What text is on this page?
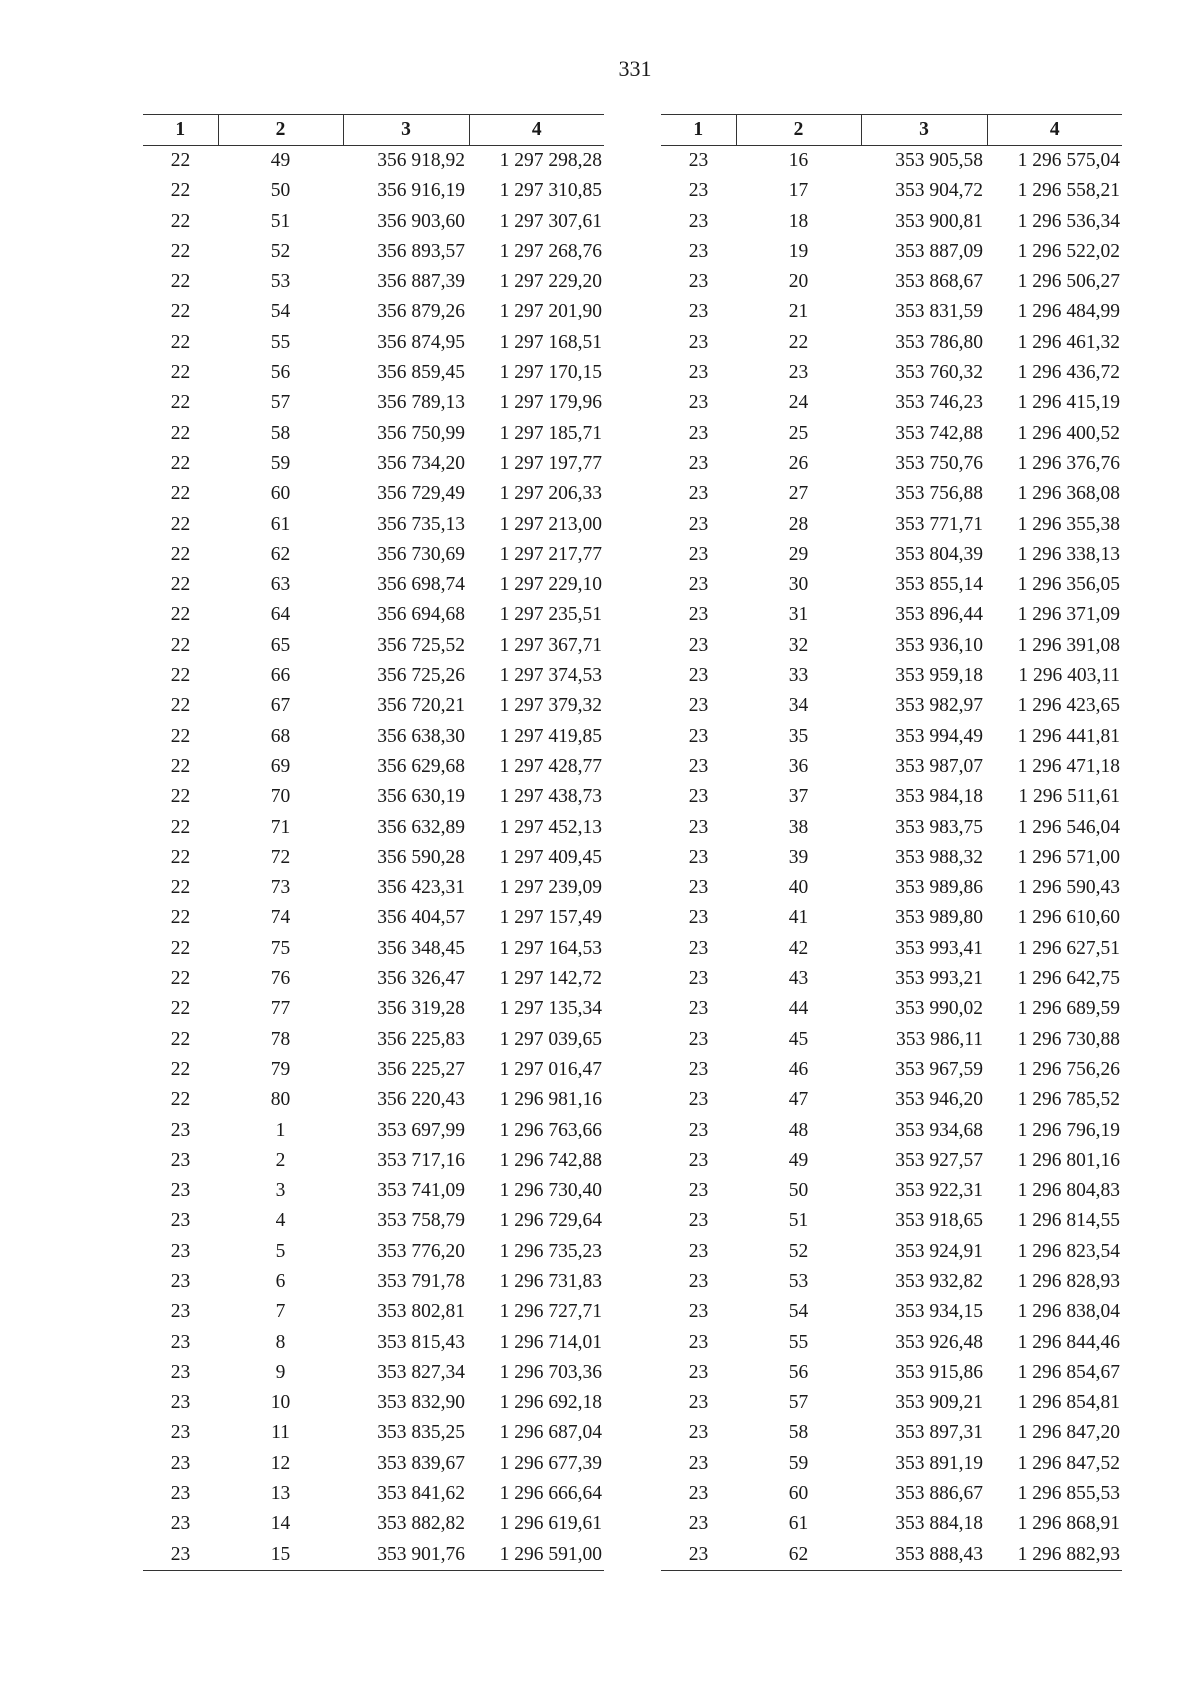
331
1	2	3	4
22	49	356 918,92	1 297 298,28
22	50	356 916,19	1 297 310,85
22	51	356 903,60	1 297 307,61
22	52	356 893,57	1 297 268,76
22	53	356 887,39	1 297 229,20
22	54	356 879,26	1 297 201,90
22	55	356 874,95	1 297 168,51
22	56	356 859,45	1 297 170,15
22	57	356 789,13	1 297 179,96
22	58	356 750,99	1 297 185,71
22	59	356 734,20	1 297 197,77
22	60	356 729,49	1 297 206,33
22	61	356 735,13	1 297 213,00
22	62	356 730,69	1 297 217,77
22	63	356 698,74	1 297 229,10
22	64	356 694,68	1 297 235,51
22	65	356 725,52	1 297 367,71
22	66	356 725,26	1 297 374,53
22	67	356 720,21	1 297 379,32
22	68	356 638,30	1 297 419,85
22	69	356 629,68	1 297 428,77
22	70	356 630,19	1 297 438,73
22	71	356 632,89	1 297 452,13
22	72	356 590,28	1 297 409,45
22	73	356 423,31	1 297 239,09
22	74	356 404,57	1 297 157,49
22	75	356 348,45	1 297 164,53
22	76	356 326,47	1 297 142,72
22	77	356 319,28	1 297 135,34
22	78	356 225,83	1 297 039,65
22	79	356 225,27	1 297 016,47
22	80	356 220,43	1 296 981,16
23	1	353 697,99	1 296 763,66
23	2	353 717,16	1 296 742,88
23	3	353 741,09	1 296 730,40
23	4	353 758,79	1 296 729,64
23	5	353 776,20	1 296 735,23
23	6	353 791,78	1 296 731,83
23	7	353 802,81	1 296 727,71
23	8	353 815,43	1 296 714,01
23	9	353 827,34	1 296 703,36
23	10	353 832,90	1 296 692,18
23	11	353 835,25	1 296 687,04
23	12	353 839,67	1 296 677,39
23	13	353 841,62	1 296 666,64
23	14	353 882,82	1 296 619,61
23	15	353 901,76	1 296 591,00
1	2	3	4
23	16	353 905,58	1 296 575,04
23	17	353 904,72	1 296 558,21
23	18	353 900,81	1 296 536,34
23	19	353 887,09	1 296 522,02
23	20	353 868,67	1 296 506,27
23	21	353 831,59	1 296 484,99
23	22	353 786,80	1 296 461,32
23	23	353 760,32	1 296 436,72
23	24	353 746,23	1 296 415,19
23	25	353 742,88	1 296 400,52
23	26	353 750,76	1 296 376,76
23	27	353 756,88	1 296 368,08
23	28	353 771,71	1 296 355,38
23	29	353 804,39	1 296 338,13
23	30	353 855,14	1 296 356,05
23	31	353 896,44	1 296 371,09
23	32	353 936,10	1 296 391,08
23	33	353 959,18	1 296 403,11
23	34	353 982,97	1 296 423,65
23	35	353 994,49	1 296 441,81
23	36	353 987,07	1 296 471,18
23	37	353 984,18	1 296 511,61
23	38	353 983,75	1 296 546,04
23	39	353 988,32	1 296 571,00
23	40	353 989,86	1 296 590,43
23	41	353 989,80	1 296 610,60
23	42	353 993,41	1 296 627,51
23	43	353 993,21	1 296 642,75
23	44	353 990,02	1 296 689,59
23	45	353 986,11	1 296 730,88
23	46	353 967,59	1 296 756,26
23	47	353 946,20	1 296 785,52
23	48	353 934,68	1 296 796,19
23	49	353 927,57	1 296 801,16
23	50	353 922,31	1 296 804,83
23	51	353 918,65	1 296 814,55
23	52	353 924,91	1 296 823,54
23	53	353 932,82	1 296 828,93
23	54	353 934,15	1 296 838,04
23	55	353 926,48	1 296 844,46
23	56	353 915,86	1 296 854,67
23	57	353 909,21	1 296 854,81
23	58	353 897,31	1 296 847,20
23	59	353 891,19	1 296 847,52
23	60	353 886,67	1 296 855,53
23	61	353 884,18	1 296 868,91
23	62	353 888,43	1 296 882,93
